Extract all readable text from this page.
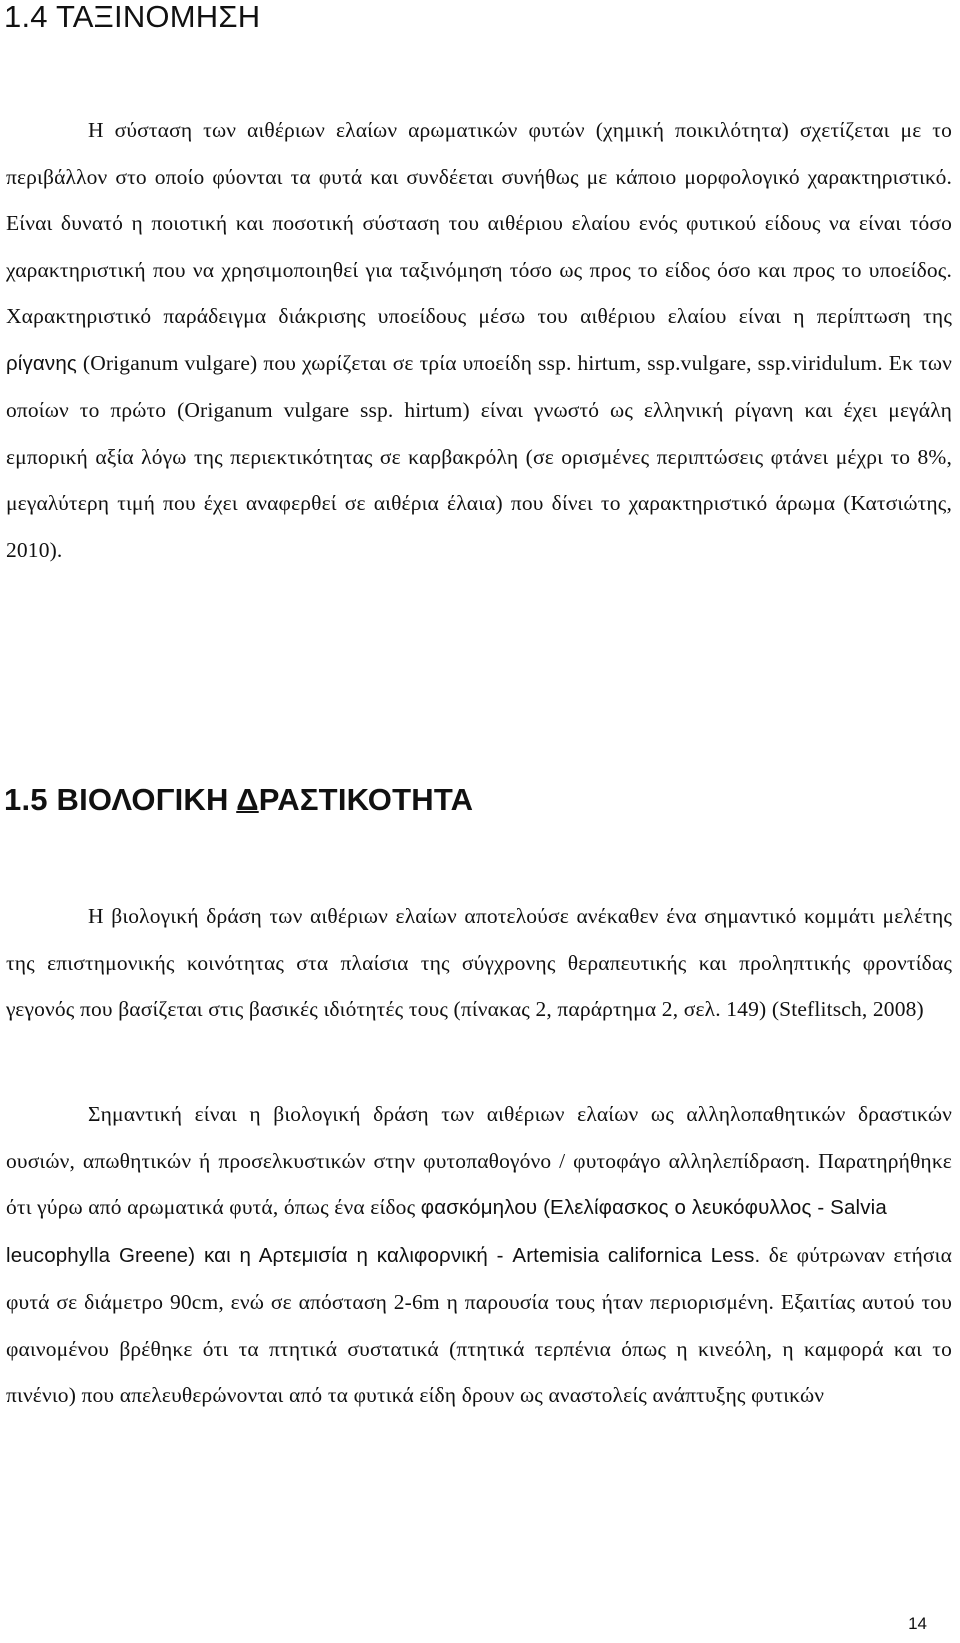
1.4 ΤΑΞΙΝΟΜΗΣΗ

Η σύσταση των αιθέριων ελαίων αρωματικών φυτών (χημική ποικιλότητα) σχετίζεται με το περιβάλλον στο οποίο φύονται τα φυτά και συνδέεται συνήθως με κάποιο μορφολογικό χαρακτηριστικό. Είναι δυνατό η ποιοτική και ποσοτική σύσταση του αιθέριου ελαίου ενός φυτικού είδους να είναι τόσο χαρακτηριστική που να χρησιμοποιηθεί για ταξινόμηση τόσο ως προς το είδος όσο και προς το υποείδος. Χαρακτηριστικό παράδειγμα διάκρισης υποείδους μέσω του αιθέριου ελαίου είναι η περίπτωση της ρίγανης (Origanum vulgare) που χωρίζεται σε τρία υποείδη ssp. hirtum, ssp.vulgare, ssp.viridulum. Εκ των οποίων το πρώτο (Origanum vulgare ssp. hirtum) είναι γνωστό ως ελληνική ρίγανη και έχει μεγάλη εμπορική αξία λόγω της περιεκτικότητας σε καρβακρόλη (σε ορισμένες περιπτώσεις φτάνει μέχρι το 8%, μεγαλύτερη τιμή που έχει αναφερθεί σε αιθέρια έλαια) που δίνει το χαρακτηριστικό άρωμα (Κατσιώτης, 2010).

1.5 ΒΙΟΛΟΓΙΚΗ ΔΡΑΣΤΙΚΟΤΗΤΑ

Η βιολογική δράση των αιθέριων ελαίων αποτελούσε ανέκαθεν ένα σημαντικό κομμάτι μελέτης της επιστημονικής κοινότητας στα πλαίσια της σύγχρονης θεραπευτικής και προληπτικής φροντίδας γεγονός που βασίζεται στις βασικές ιδιότητές τους (πίνακας 2, παράρτημα 2, σελ. 149) (Steflitsch, 2008)

Σημαντική είναι η βιολογική δράση των αιθέριων ελαίων ως αλληλοπαθητικών δραστικών ουσιών, απωθητικών ή προσελκυστικών στην φυτοπαθογόνο / φυτοφάγο αλληλεπίδραση. Παρατηρήθηκε ότι γύρω από αρωματικά φυτά, όπως ένα είδος φασκόμηλου (Ελελίφασκος ο λευκόφυλλος - Salvia
leucophylla Greene) και η Αρτεμισία η καλιφορνική - Artemisia californica Less. δε φύτρωναν ετήσια φυτά σε διάμετρο 90cm, ενώ σε απόσταση 2-6m η παρουσία τους ήταν περιορισμένη. Εξαιτίας αυτού του φαινομένου βρέθηκε ότι τα πτητικά συστατικά (πτητικά τερπένια όπως η κινεόλη, η καμφορά και το πινένιο) που απελευθερώνονται από τα φυτικά είδη δρουν ως αναστολείς ανάπτυξης φυτικών

14
